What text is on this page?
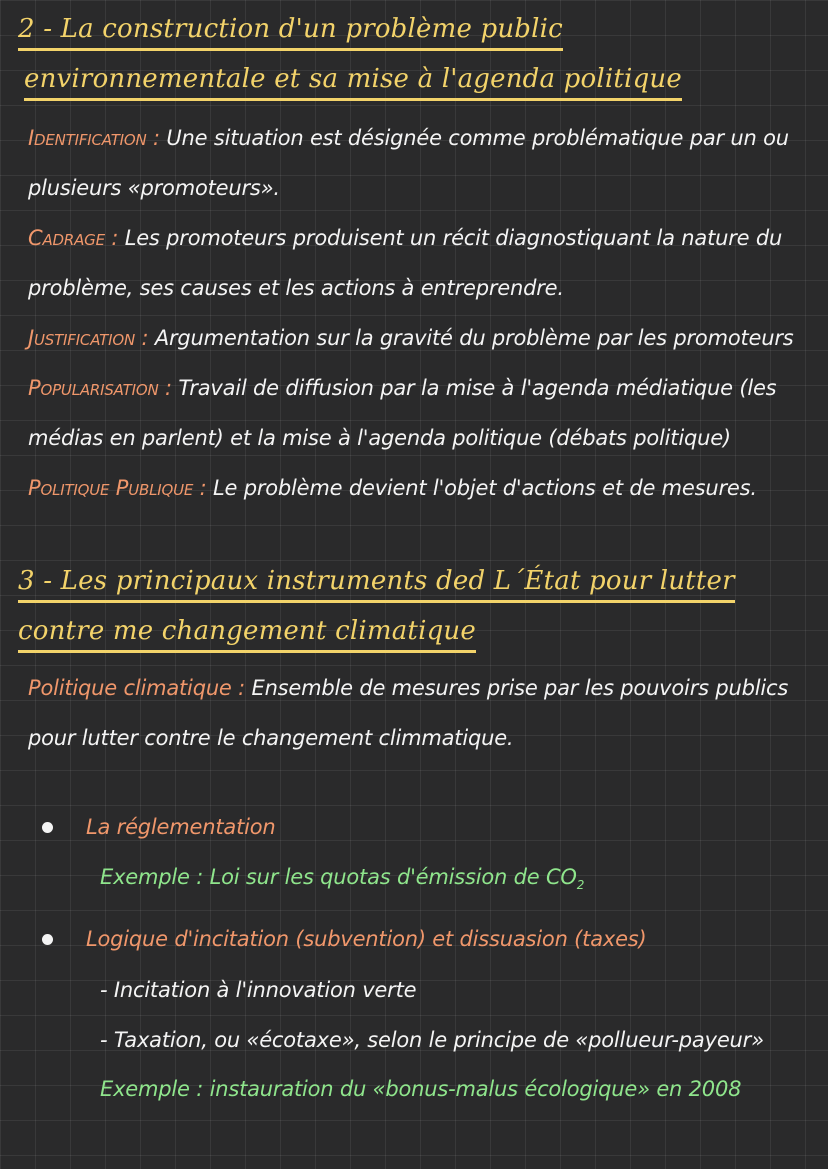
2 - La construction d'un problème public
environnementale et sa mise à l'agenda politique
Identification : Une situation est désignée comme problématique par un ou
plusieurs «promoteurs».
Cadrage : Les promoteurs produisent un récit diagnostiquant la nature du
problème, ses causes et les actions à entreprendre.
Justification : Argumentation sur la gravité du problème par les promoteurs
Popularisation : Travail de diffusion par la mise à l'agenda médiatique (les
médias en parlent) et la mise à l'agenda politique (débats politique)
Politique Publique : Le problème devient l'objet d'actions et de mesures.
3 - Les principaux instruments ded L´État pour lutter
contre me changement climatique
Politique climatique : Ensemble de mesures prise par les pouvoirs publics
pour lutter contre le changement climmatique.
La réglementation
Exemple : Loi sur les quotas d'émission de $CO_2$
Logique d'incitation (subvention) et dissuasion (taxes)
- Incitation à l'innovation verte
- Taxation, ou «écotaxe», selon le principe de «pollueur-payeur»
Exemple : instauration du «bonus-malus écologique» en 2008
